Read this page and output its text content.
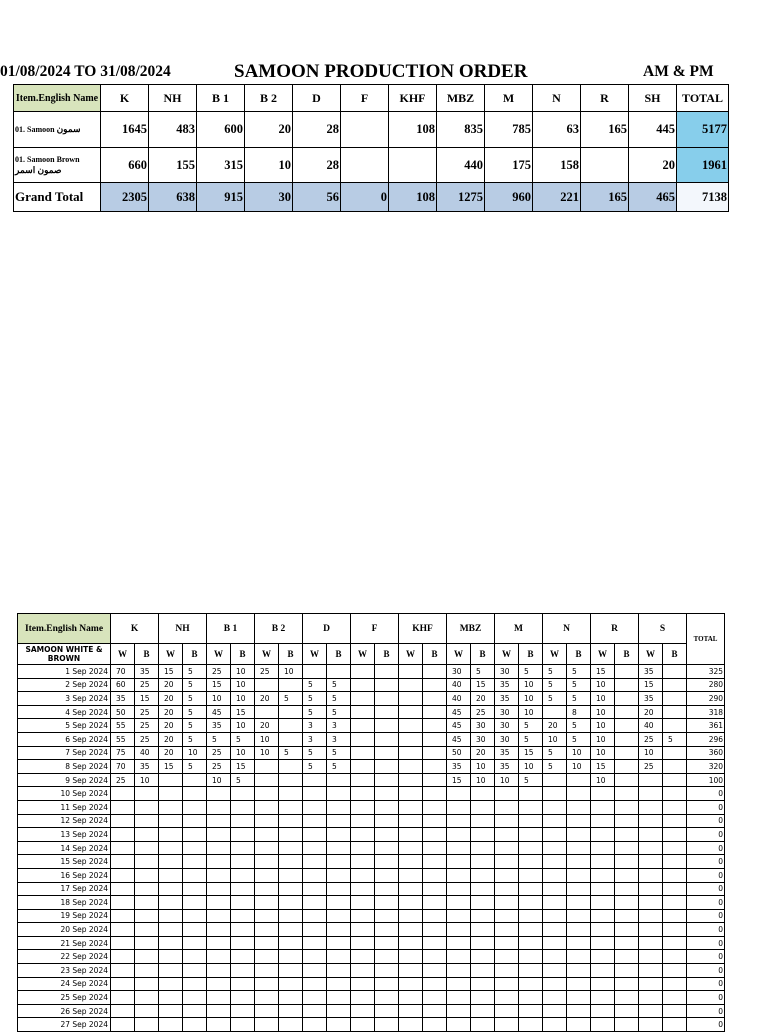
01/08/2024 TO 31/08/2024	SAMOON PRODUCTION ORDER	AM & PM
Item.English Name	K	NH	B 1	B 2	D	F	KHF	MBZ	M	N	R	SH	TOTAL
01. Samoon سمون	1645	483	600	20	28		108	835	785	63	165	445	5177
01. Samoon Brown صمون اسمر	660	155	315	10	28			440	175	158		20	1961
Grand Total	2305	638	915	30	56	0	108	1275	960	221	165	465	7138
Item.English Name	K		NH		B 1		B 2		D		F		KHF		MBZ		M		N		R		S		TOTAL
SAMOON WHITE & BROWN	W	B	W	B	W	B	W	B	W	B	W	B	W	B	W	B	W	B	W	B	W	B	W	B	
1 Sep 2024	70	35	15	5	25	10	25	10							30	5	30	5	5	5	15		35		325
2 Sep 2024	60	25	20	5	15	10			5	5					40	15	35	10	5	5	10		15		280
3 Sep 2024	35	15	20	5	10	10	20	5	5	5					40	20	35	10	5	5	10		35		290
4 Sep 2024	50	25	20	5	45	15			5	5					45	25	30	10		8	10		20		318
5 Sep 2024	55	25	20	5	35	10	20		3	3					45	30	30	5	20	5	10		40		361
6 Sep 2024	55	25	20	5	5	5	10		3	3					45	30	30	5	10	5	10		25	5	296
7 Sep 2024	75	40	20	10	25	10	10	5	5	5					50	20	35	15	5	10	10		10		360
8 Sep 2024	70	35	15	5	25	15			5	5					35	10	35	10	5	10	15		25		320
9 Sep 2024	25	10			10	5									15	10	10	5			10				100
10 Sep 2024																									0
11 Sep 2024																									0
12 Sep 2024																									0
13 Sep 2024																									0
14 Sep 2024																									0
15 Sep 2024																									0
16 Sep 2024																									0
17 Sep 2024																									0
18 Sep 2024																									0
19 Sep 2024																									0
20 Sep 2024																									0
21 Sep 2024																									0
22 Sep 2024																									0
23 Sep 2024																									0
24 Sep 2024																									0
25 Sep 2024																									0
26 Sep 2024																									0
27 Sep 2024																									0
